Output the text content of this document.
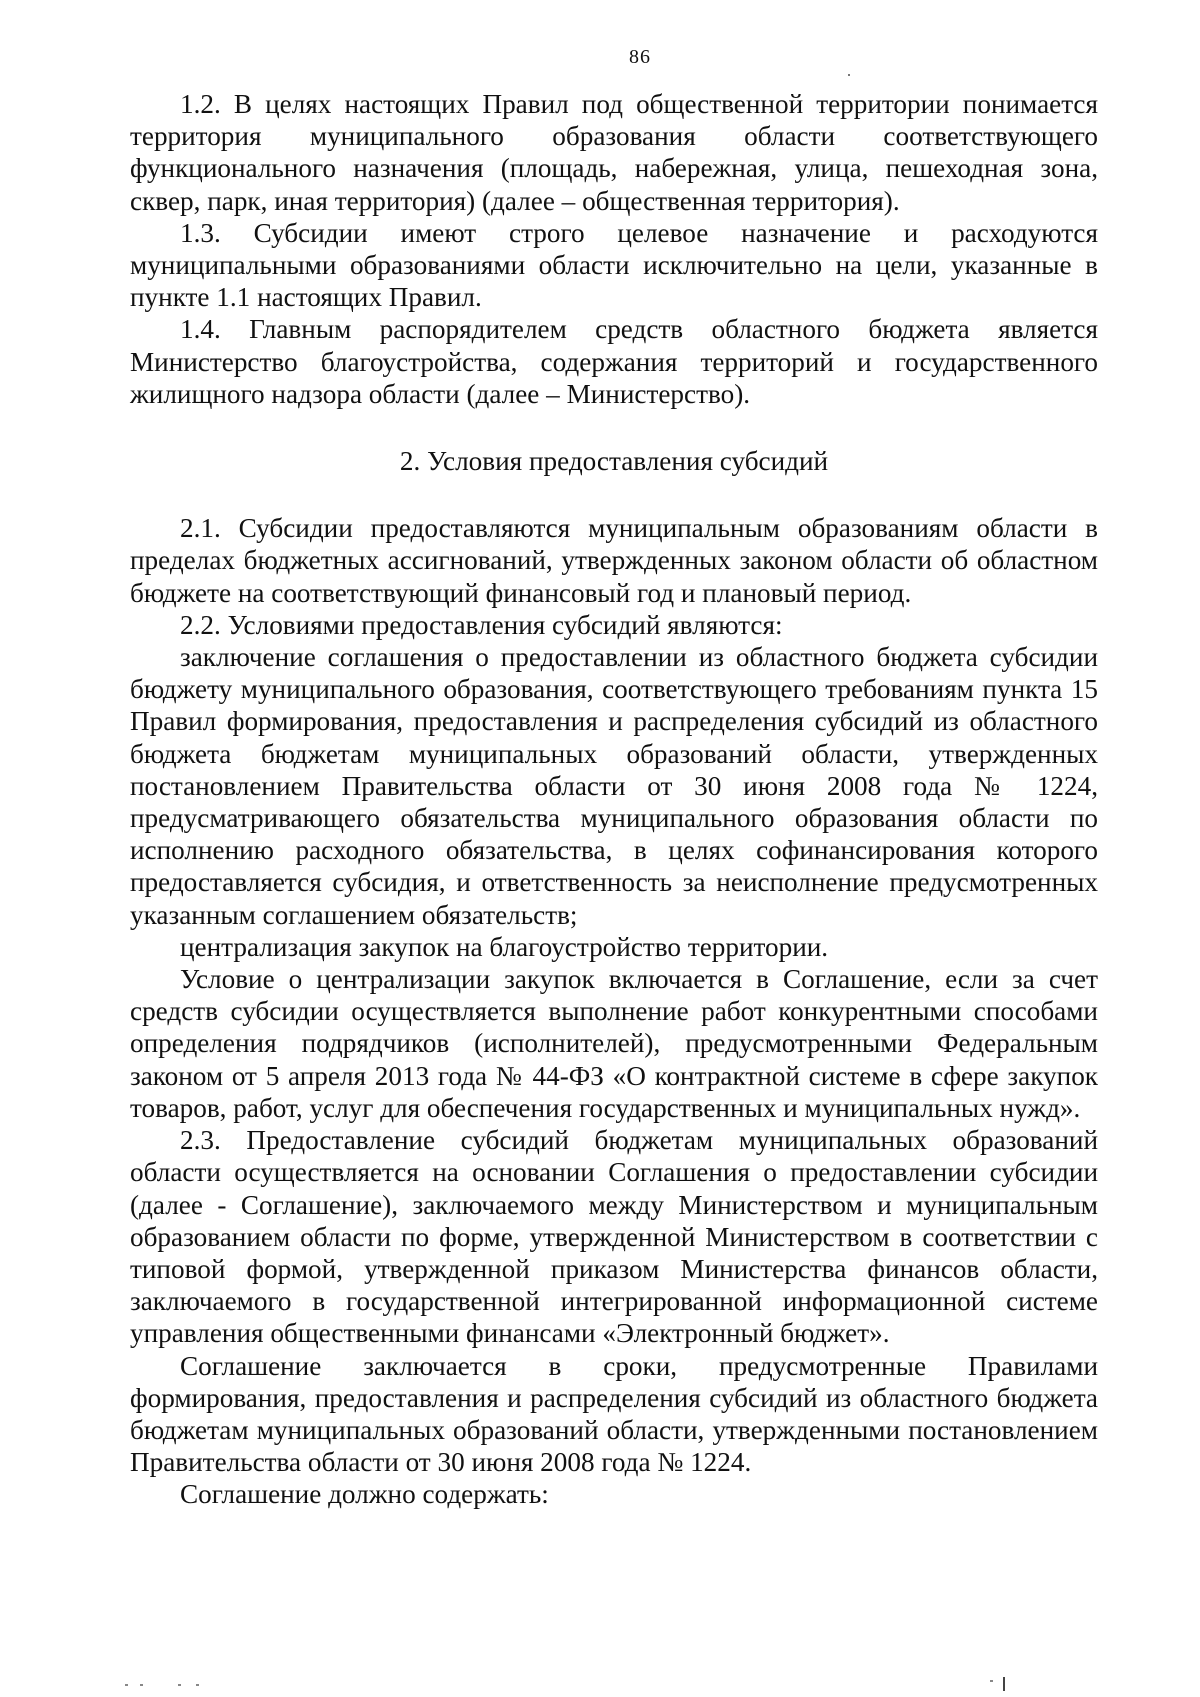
86

1.2. В целях настоящих Правил под общественной территории понимается территория муниципального образования области соответствующего функционального назначения (площадь, набережная, улица, пешеходная зона, сквер, парк, иная территория) (далее – общественная территория).

1.3. Субсидии имеют строго целевое назначение и расходуются муниципальными образованиями области исключительно на цели, указанные в пункте 1.1 настоящих Правил.

1.4. Главным распорядителем средств областного бюджета является Министерство благоустройства, содержания территорий и государственного жилищного надзора области (далее – Министерство).

2. Условия предоставления субсидий

2.1. Субсидии предоставляются муниципальным образованиям области в пределах бюджетных ассигнований, утвержденных законом области об областном бюджете на соответствующий финансовый год и плановый период.

2.2. Условиями предоставления субсидий являются:

заключение соглашения о предоставлении из областного бюджета субсидии бюджету муниципального образования, соответствующего требованиям пункта 15 Правил формирования, предоставления и распределения субсидий из областного бюджета бюджетам муниципальных образований области, утвержденных постановлением Правительства области от 30 июня 2008 года № 1224, предусматривающего обязательства муниципального образования области по исполнению расходного обязательства, в целях софинансирования которого предоставляется субсидия, и ответственность за неисполнение предусмотренных указанным соглашением обязательств;

централизация закупок на благоустройство территории.

Условие о централизации закупок включается в Соглашение, если за счет средств субсидии осуществляется выполнение работ конкурентными способами определения подрядчиков (исполнителей), предусмотренными Федеральным законом от 5 апреля 2013 года № 44-ФЗ «О контрактной системе в сфере закупок товаров, работ, услуг для обеспечения государственных и муниципальных нужд».

2.3. Предоставление субсидий бюджетам муниципальных образований области осуществляется на основании Соглашения о предоставлении субсидии (далее - Соглашение), заключаемого между Министерством и муниципальным образованием области по форме, утвержденной Министерством в соответствии с типовой формой, утвержденной приказом Министерства финансов области, заключаемого в государственной интегрированной информационной системе управления общественными финансами «Электронный бюджет».

Соглашение заключается в сроки, предусмотренные Правилами формирования, предоставления и распределения субсидий из областного бюджета бюджетам муниципальных образований области, утвержденными постановлением Правительства области от 30 июня 2008 года № 1224.

Соглашение должно содержать:
